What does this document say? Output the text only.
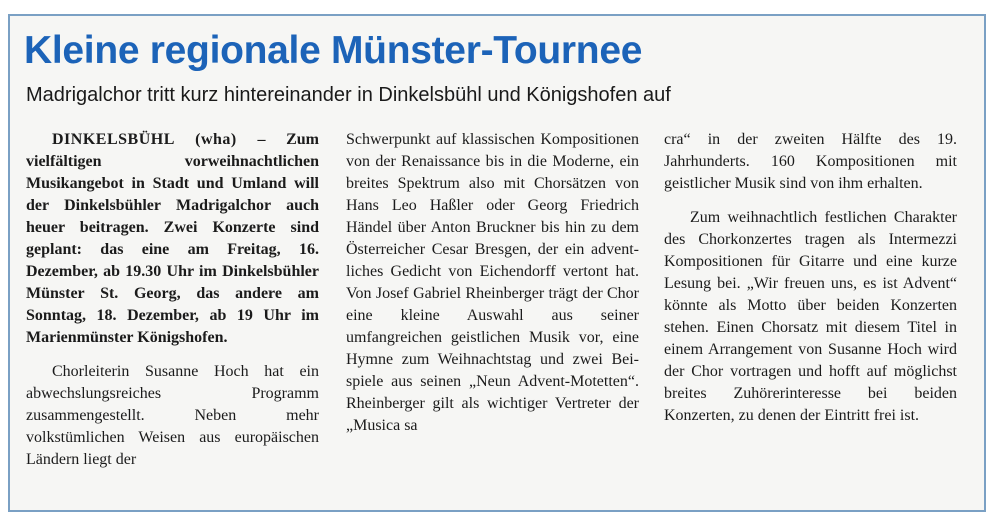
Kleine regionale Münster-Tournee
Madrigalchor tritt kurz hintereinander in Dinkelsbühl und Königshofen auf

DINKELSBÜHL (wha) – Zum vielfältigen vorweihnachtlichen Musikangebot in Stadt und Umland will der Dinkelsbühler Madrigalchor auch heuer beitragen. Zwei Konzerte sind geplant: das eine am Freitag, 16. Dezember, ab 19.30 Uhr im Dinkelsbühler Münster St. Georg, das andere am Sonntag, 18. Dezember, ab 19 Uhr im Marienmünster Königshofen.

Chorleiterin Susanne Hoch hat ein abwechslungsreiches Programm zusammengestellt. Neben mehr volkstümlichen Weisen aus europäischen Ländern liegt der

Schwerpunkt auf klassischen Kompositionen von der Renaissance bis in die Moderne, ein breites Spektrum also mit Chorsätzen von Hans Leo Haßler oder Georg Friedrich Händel über Anton Bruckner bis hin zu dem Österreicher Cesar Bresgen, der ein adventliches Gedicht von Eichendorff vertont hat. Von Josef Gabriel Rheinberger trägt der Chor eine kleine Auswahl aus seiner umfangreichen geistlichen Musik vor, eine Hymne zum Weihnachtstag und zwei Beispiele aus seinen „Neun Advent-Motetten“. Rheinberger gilt als wichtiger Vertreter der „Musica sa

cra“ in der zweiten Hälfte des 19. Jahrhunderts. 160 Kompositionen mit geistlicher Musik sind von ihm erhalten.

Zum weihnachtlich festlichen Charakter des Chorkonzertes tragen als Intermezzi Kompositionen für Gitarre und eine kurze Lesung bei. „Wir freuen uns, es ist Advent“ könnte als Motto über beiden Konzerten stehen. Einen Chorsatz mit diesem Titel in einem Arrangement von Susanne Hoch wird der Chor vortragen und hofft auf möglichst breites Zuhörerinteresse bei beiden Konzerten, zu denen der Eintritt frei ist.
